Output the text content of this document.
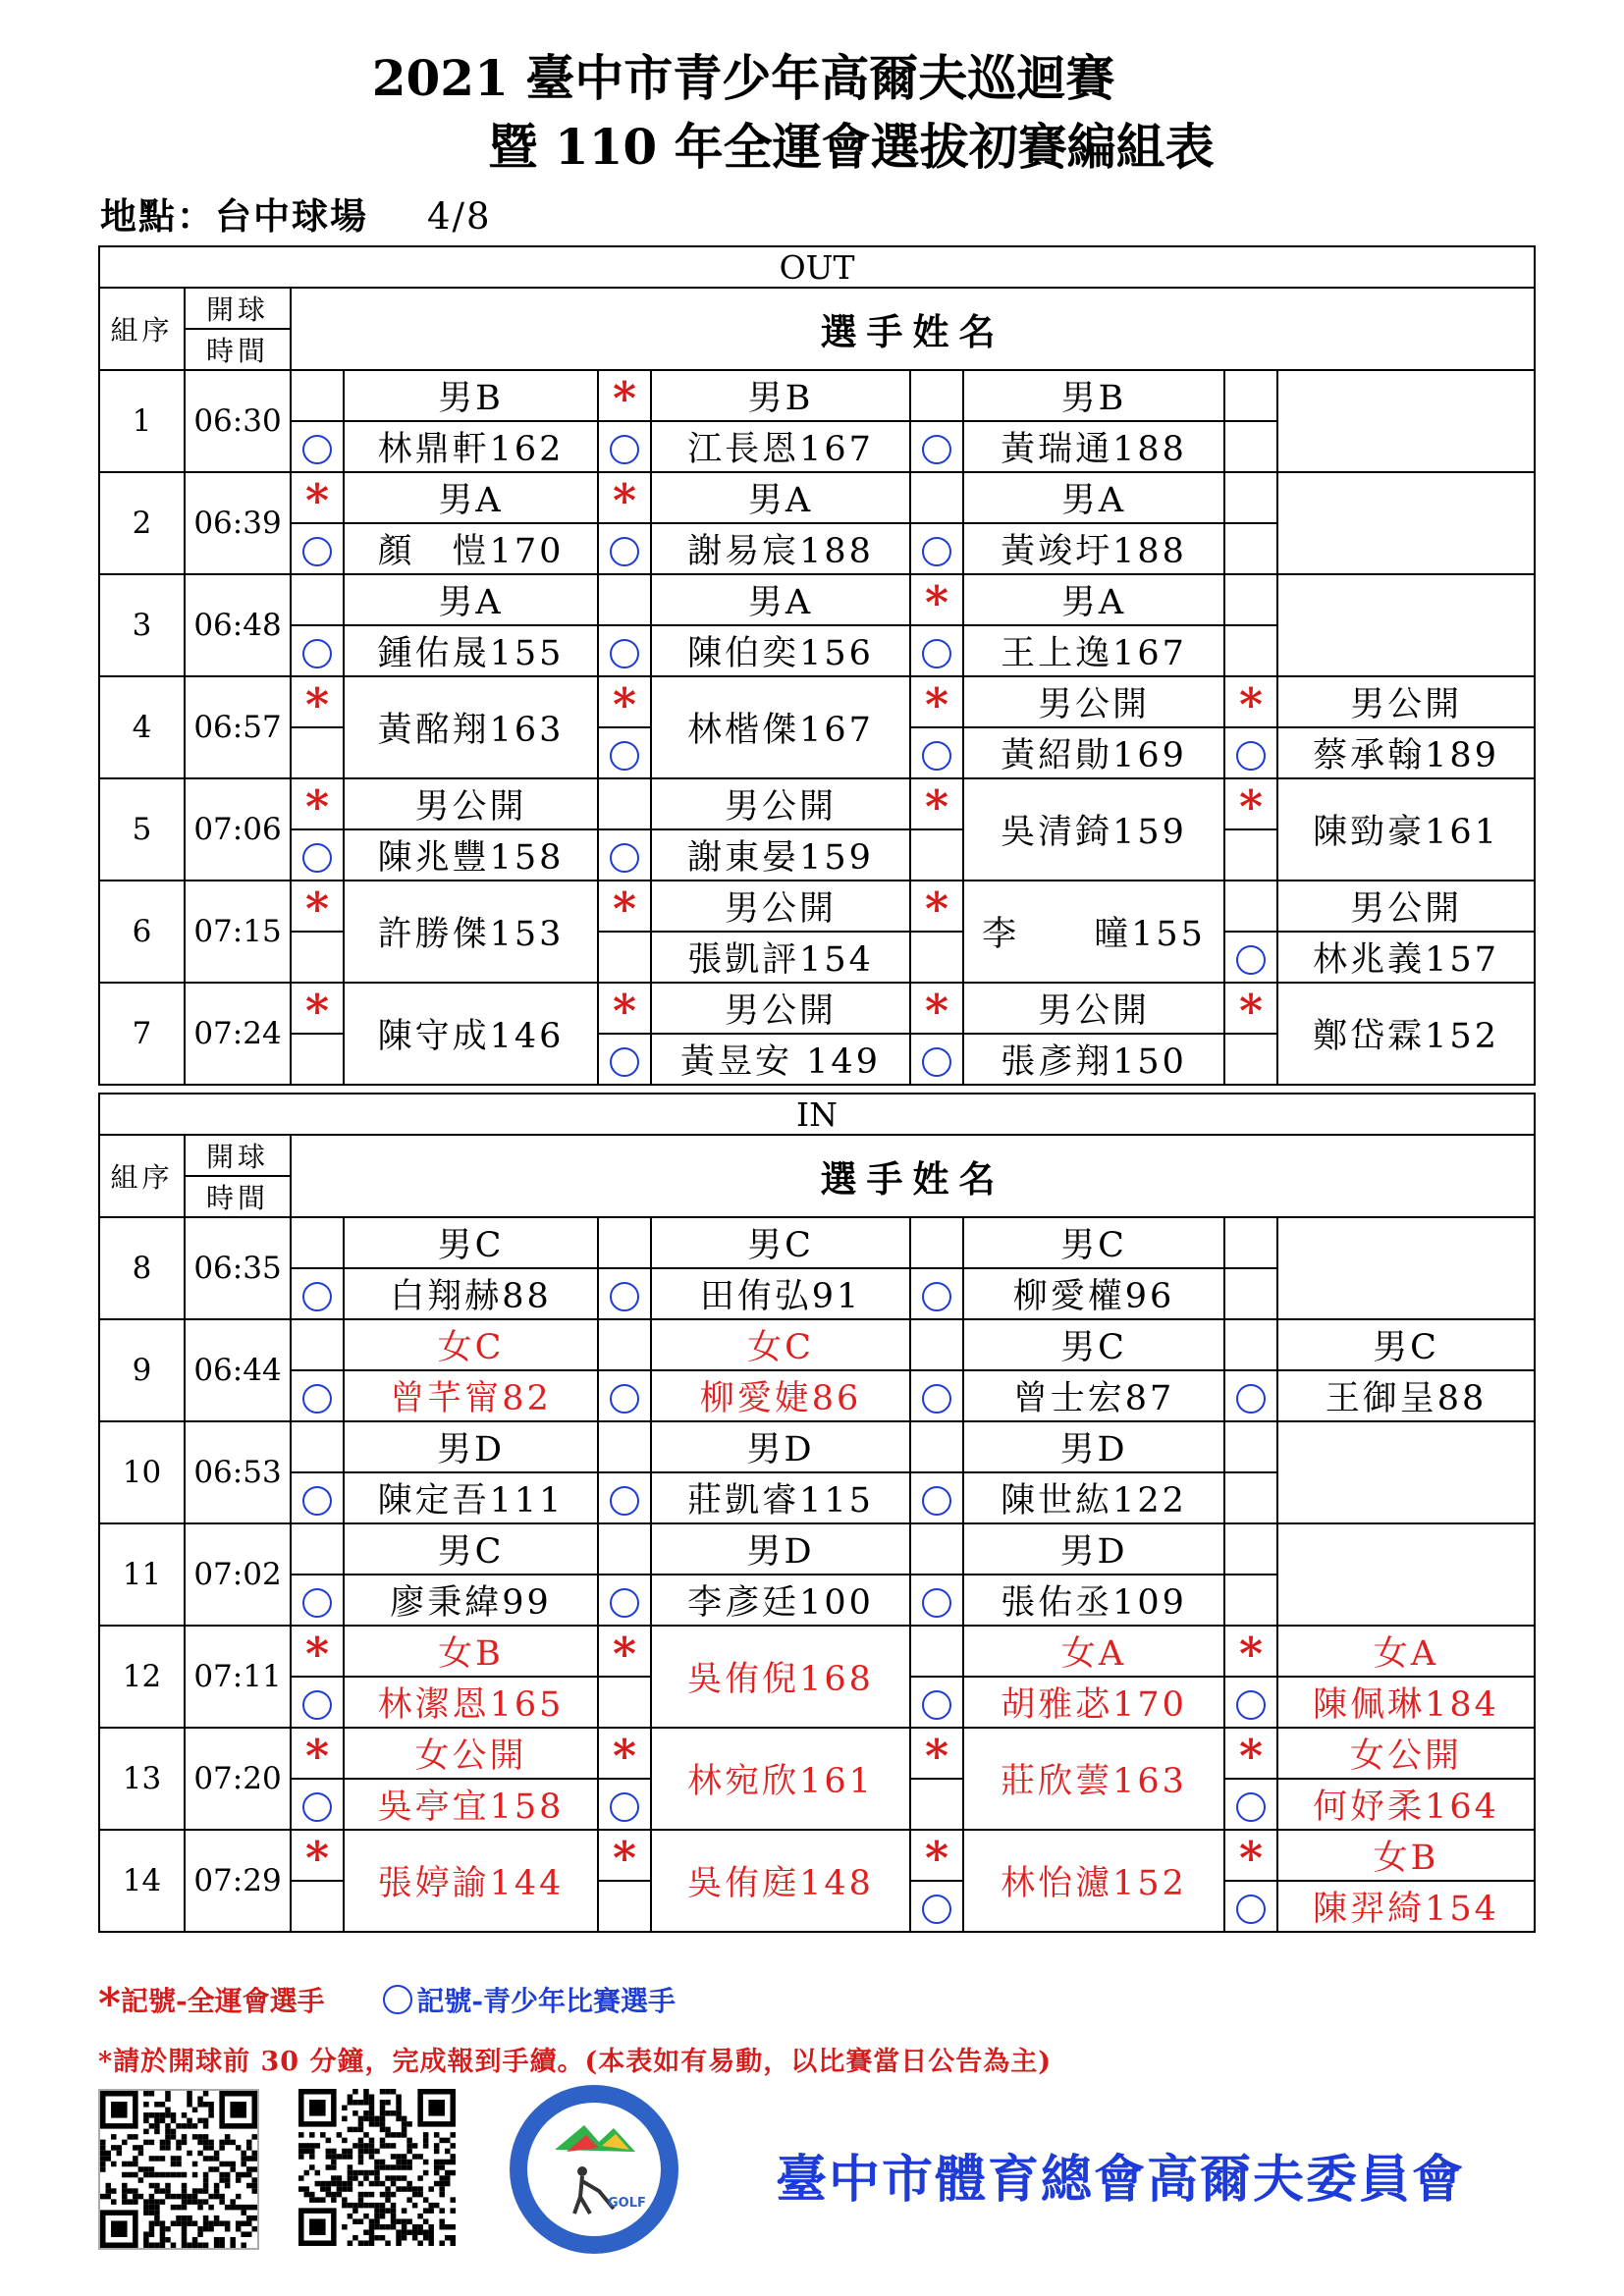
2021 臺中市青少年高爾夫巡迴賽
暨 110 年全運會選拔初賽編組表
地點：台中球場 4/8
OUT									
組序	開球	選手姓名							
	時間								
1	06:30		男B	*	男B		男B		
			林鼎軒162		江長恩167		黃瑞通188		
2	06:39	*	男A	*	男A		男A		
			顏　愷170		謝易宸188		黃竣圩188		
3	06:48		男A		男A	*	男A		
			鍾佑晟155		陳伯奕156		王上逸167		
4	06:57	*	黃酩翔163	*	林楷傑167	*	男公開	*	男公開
							黃紹勛169		蔡承翰189
5	07:06	*	男公開		男公開	*	吳清錡159	*	陳勁豪161
			陳兆豐158		謝東晏159				
6	07:15	*	許勝傑153	*	男公開	*	李　　曈155		男公開
					張凱評154				林兆義157
7	07:24	*	陳守成146	*	男公開	*	男公開	*	鄭岱霖152
					黃昱安 149		張彥翔150		
IN									
組序	開球	選手姓名							
	時間								
8	06:35		男C		男C		男C		
			白翔赫88		田侑弘91		柳愛權96		
9	06:44		女C		女C		男C		男C
			曾芊甯82		柳愛婕86		曾士宏87		王御呈88
10	06:53		男D		男D		男D		
			陳定吾111		莊凱睿115		陳世紘122		
11	07:02		男C		男D		男D		
			廖秉緯99		李彥廷100		張佑丞109		
12	07:11	*	女B	*	吳侑倪168		女A	*	女A
			林潔恩165				胡雅苾170		陳佩琳184
13	07:20	*	女公開	*	林宛欣161	*	莊欣蕓163	*	女公開
			吳亭宜158						何妤柔164
14	07:29	*	張婷諭144	*	吳侑庭148	*	林怡濾152	*	女B
									陳羿綺154
*記號-全運會選手	記號-青少年比賽選手
*請於開球前 30 分鐘，完成報到手續。(本表如有易動，以比賽當日公告為主)
GOLF	臺中市體育總會高爾夫委員會
